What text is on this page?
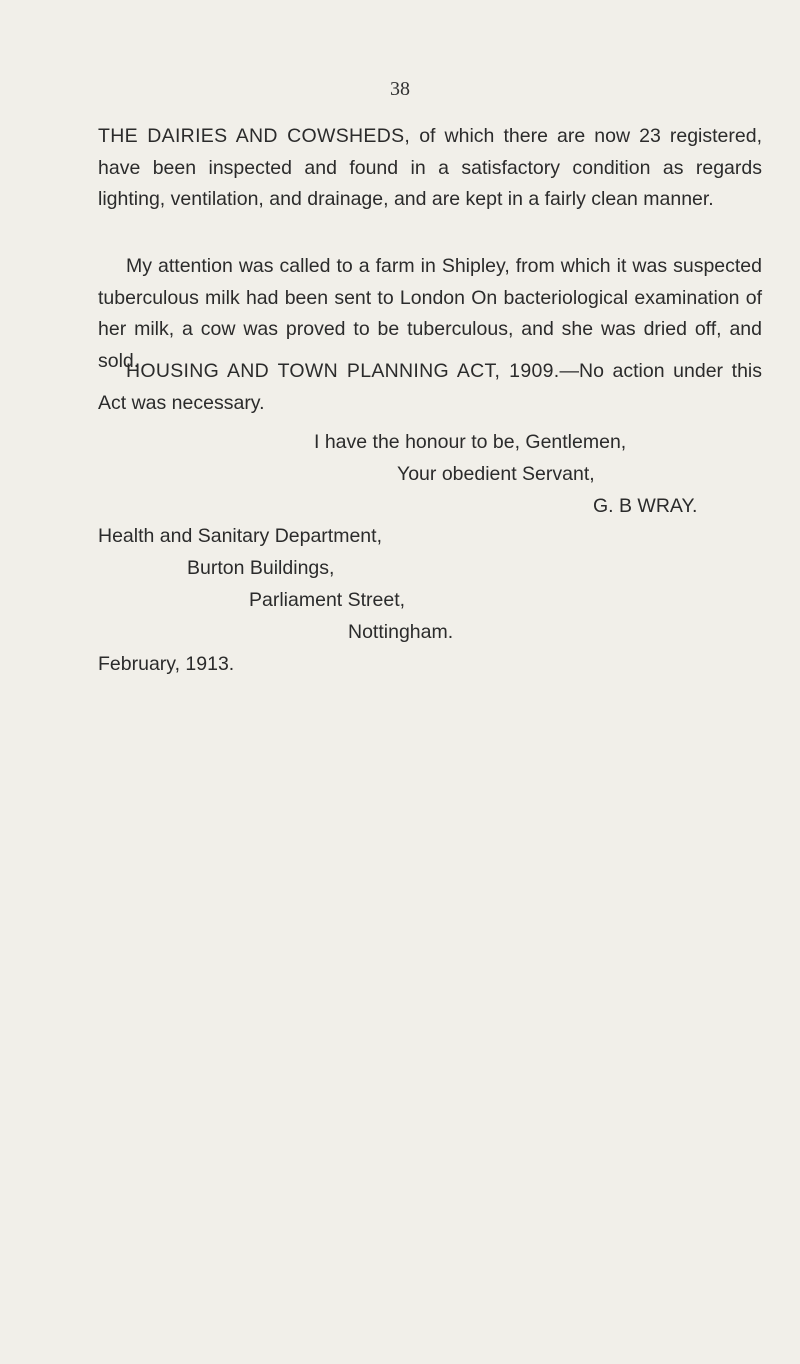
38
THE DAIRIES AND COWSHEDS, of which there are now 23 registered, have been inspected and found in a satisfactory condition as regards lighting, ventilation, and drainage, and are kept in a fairly clean manner.
My attention was called to a farm in Shipley, from which it was suspected tuberculous milk had been sent to London On bacteriological examination of her milk, a cow was proved to be tuberculous, and she was dried off, and sold.
HOUSING AND TOWN PLANNING ACT, 1909.—No action under this Act was necessary.
I have the honour to be, Gentlemen,
Your obedient Servant,
G. B WRAY.
Health and Sanitary Department,
Burton Buildings,
Parliament Street,
Nottingham.
February, 1913.
